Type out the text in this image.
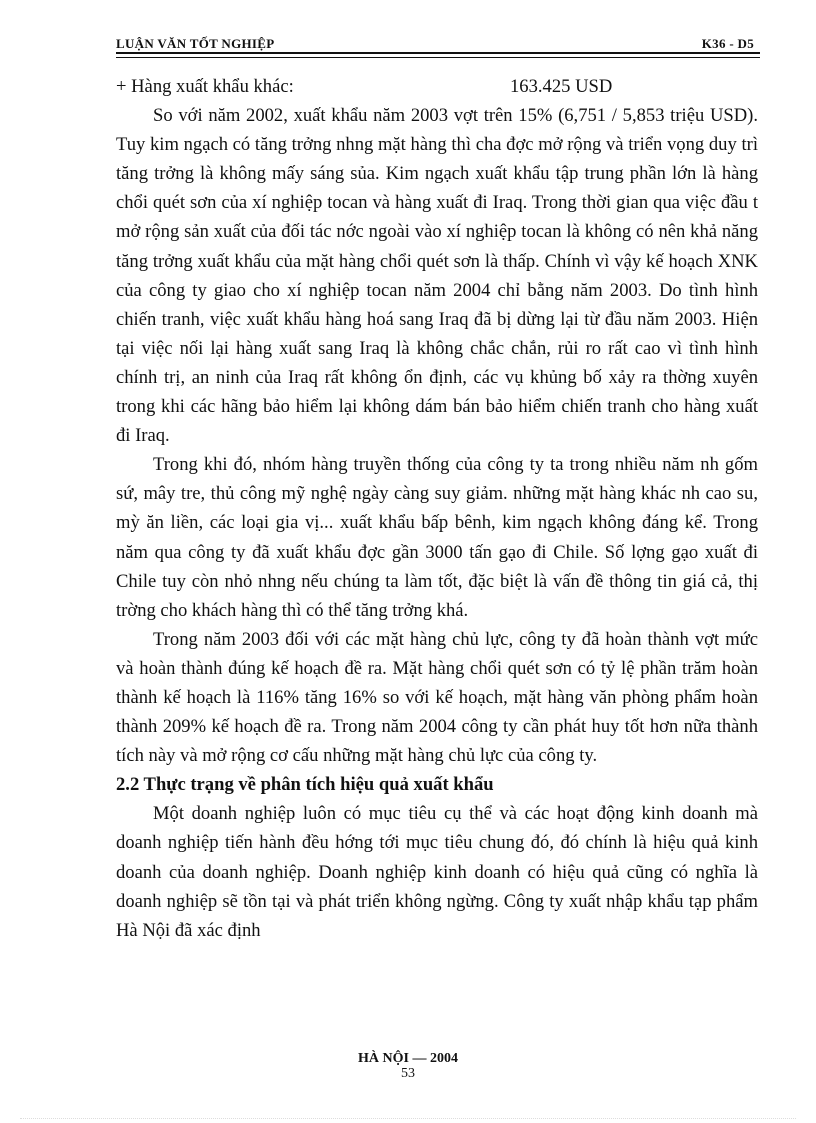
LUẬN VĂN TỐT NGHIỆP	K36 - D5

+ Hàng xuất khẩu khác:	163.425 USD

So với năm 2002, xuất khẩu năm 2003 vợt trên 15% (6,751 / 5,853 triệu USD). Tuy kim ngạch có tăng trởng nhng mặt hàng thì cha đợc mở rộng và triển vọng duy trì tăng trởng là không mấy sáng sủa. Kim ngạch xuất khẩu tập trung phần lớn là hàng chổi quét sơn của xí nghiệp tocan và hàng xuất đi Iraq. Trong thời gian qua việc đầu t mở rộng sản xuất của đối tác nớc ngoài vào xí nghiệp tocan là không có nên khả năng tăng trởng xuất khẩu của mặt hàng chổi quét sơn là thấp. Chính vì vậy kế hoạch XNK của công ty giao cho xí nghiệp tocan năm 2004 chỉ bằng năm 2003. Do tình hình chiến tranh, việc xuất khẩu hàng hoá sang Iraq đã bị dừng lại từ đầu năm 2003. Hiện tại việc nối lại hàng xuất sang Iraq là không chắc chắn, rủi ro rất cao vì tình hình chính trị, an ninh của Iraq rất không ổn định, các vụ khủng bố xảy ra thờng xuyên trong khi các hãng bảo hiểm lại không dám bán bảo hiểm chiến tranh cho hàng xuất đi Iraq.

Trong khi đó, nhóm hàng truyền thống của công ty ta trong nhiều năm nh gốm sứ, mây tre, thủ công mỹ nghệ ngày càng suy giảm. những mặt hàng khác nh cao su, mỳ ăn liền, các loại gia vị... xuất khẩu bấp bênh, kim ngạch không đáng kể. Trong năm qua công ty đã xuất khẩu đợc gần 3000 tấn gạo đi Chile. Số lợng gạo xuất đi Chile tuy còn nhỏ nhng nếu chúng ta làm tốt, đặc biệt là vấn đề thông tin giá cả, thị trờng cho khách hàng thì có thể tăng trởng khá.

Trong năm 2003 đối với các mặt hàng chủ lực, công ty đã hoàn thành vợt mức và hoàn thành đúng kế hoạch đề ra. Mặt hàng chổi quét sơn có tỷ lệ phần trăm hoàn thành kế hoạch là 116% tăng 16% so với kế hoạch, mặt hàng văn phòng phẩm hoàn thành 209% kế hoạch đề ra. Trong năm 2004 công ty cần phát huy tốt hơn nữa thành tích này và mở rộng cơ cấu những mặt hàng chủ lực của công ty.

2.2 Thực trạng về phân tích hiệu quả xuất khẩu

Một doanh nghiệp luôn có mục tiêu cụ thể và các hoạt động kinh doanh mà doanh nghiệp tiến hành đều hớng tới mục tiêu chung đó, đó chính là hiệu quả kinh doanh của doanh nghiệp. Doanh nghiệp kinh doanh có hiệu quả cũng có nghĩa là doanh nghiệp sẽ tồn tại và phát triển không ngừng. Công ty xuất nhập khẩu tạp phẩm Hà Nội đã xác định

HÀ NỘI — 2004
53
